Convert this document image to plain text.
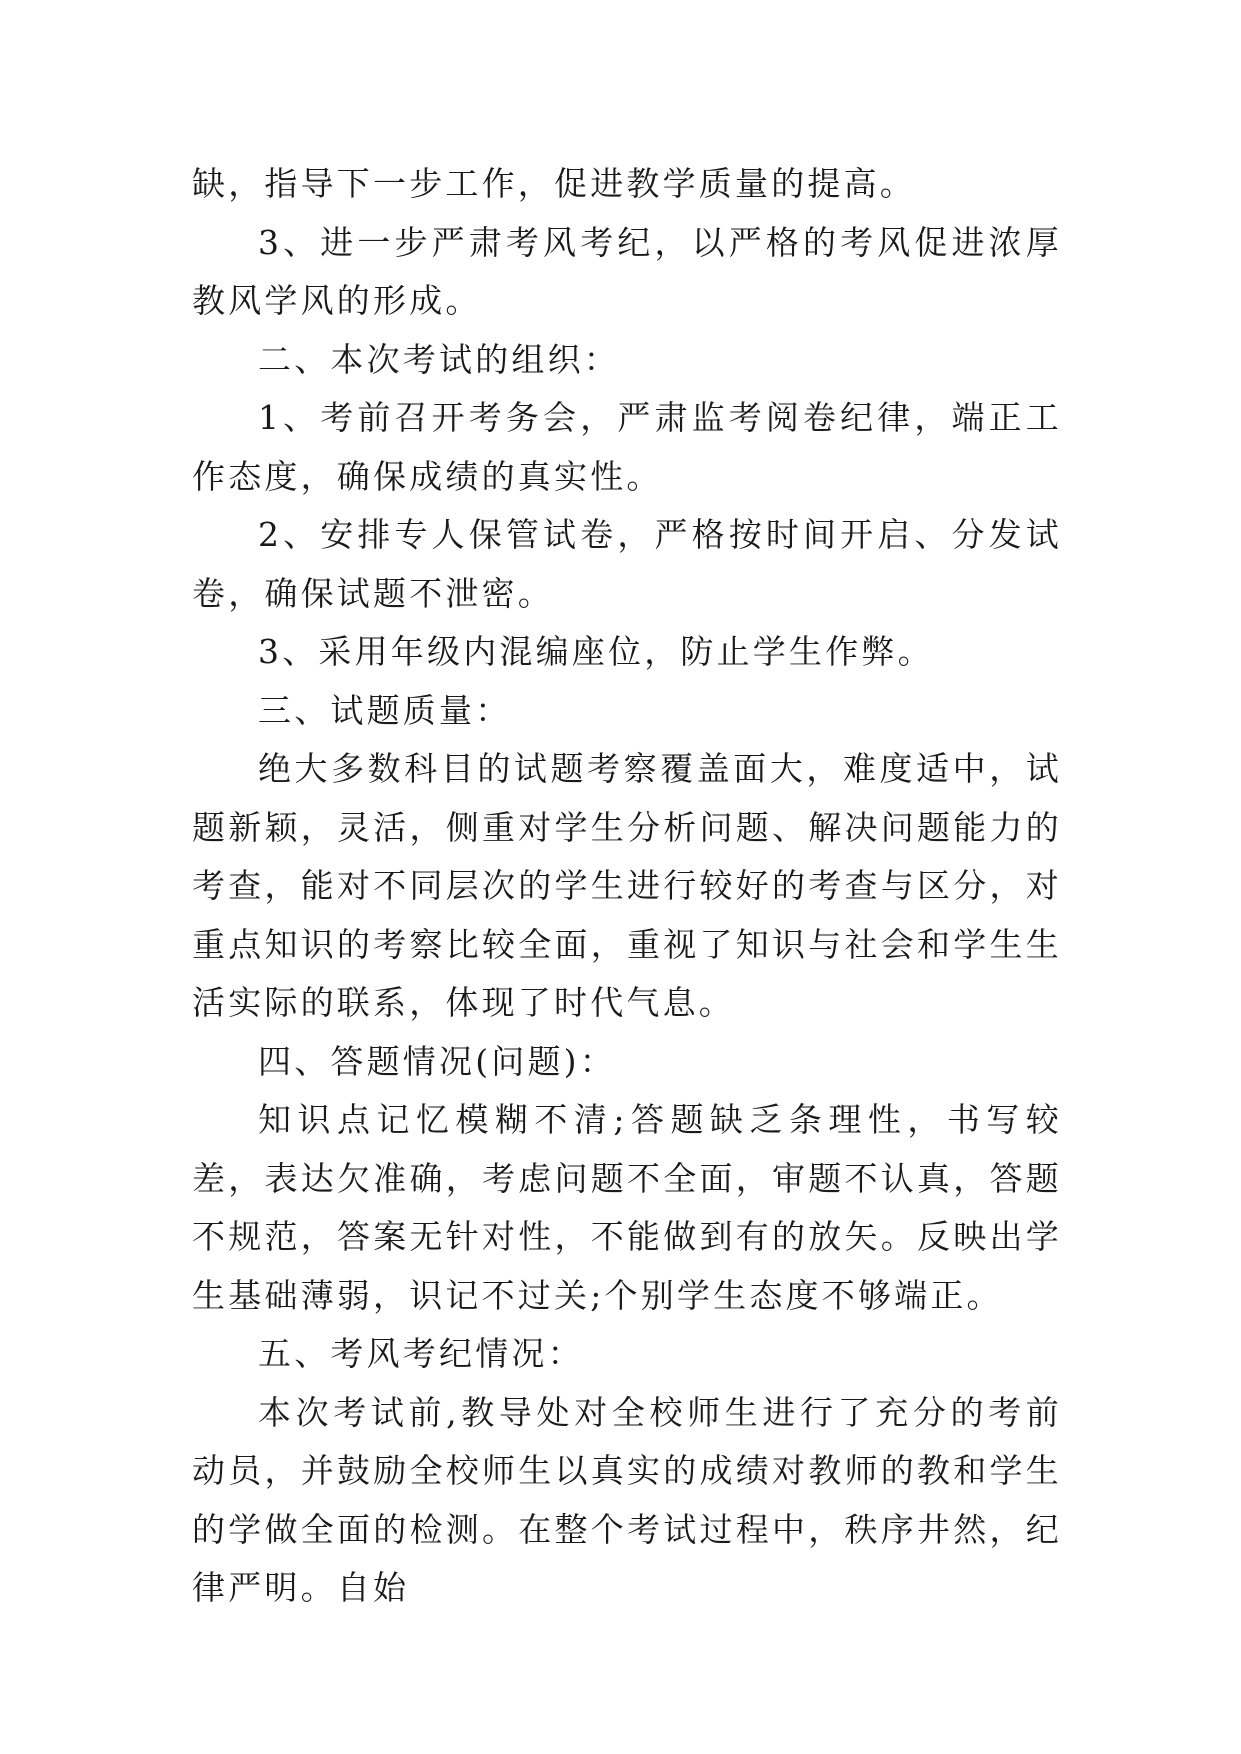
缺，指导下一步工作，促进教学质量的提高。

3、进一步严肃考风考纪，以严格的考风促进浓厚教风学风的形成。

二、本次考试的组织：

1、考前召开考务会，严肃监考阅卷纪律，端正工作态度，确保成绩的真实性。

2、安排专人保管试卷，严格按时间开启、分发试卷，确保试题不泄密。

3、采用年级内混编座位，防止学生作弊。

三、试题质量：

绝大多数科目的试题考察覆盖面大，难度适中，试题新颖，灵活，侧重对学生分析问题、解决问题能力的考查，能对不同层次的学生进行较好的考查与区分，对重点知识的考察比较全面，重视了知识与社会和学生生活实际的联系，体现了时代气息。

四、答题情况(问题)：

知识点记忆模糊不清;答题缺乏条理性，书写较差，表达欠准确，考虑问题不全面，审题不认真，答题不规范，答案无针对性，不能做到有的放矢。反映出学生基础薄弱，识记不过关;个别学生态度不够端正。

五、考风考纪情况：

本次考试前,教导处对全校师生进行了充分的考前动员，并鼓励全校师生以真实的成绩对教师的教和学生的学做全面的检测。在整个考试过程中，秩序井然，纪律严明。自始
